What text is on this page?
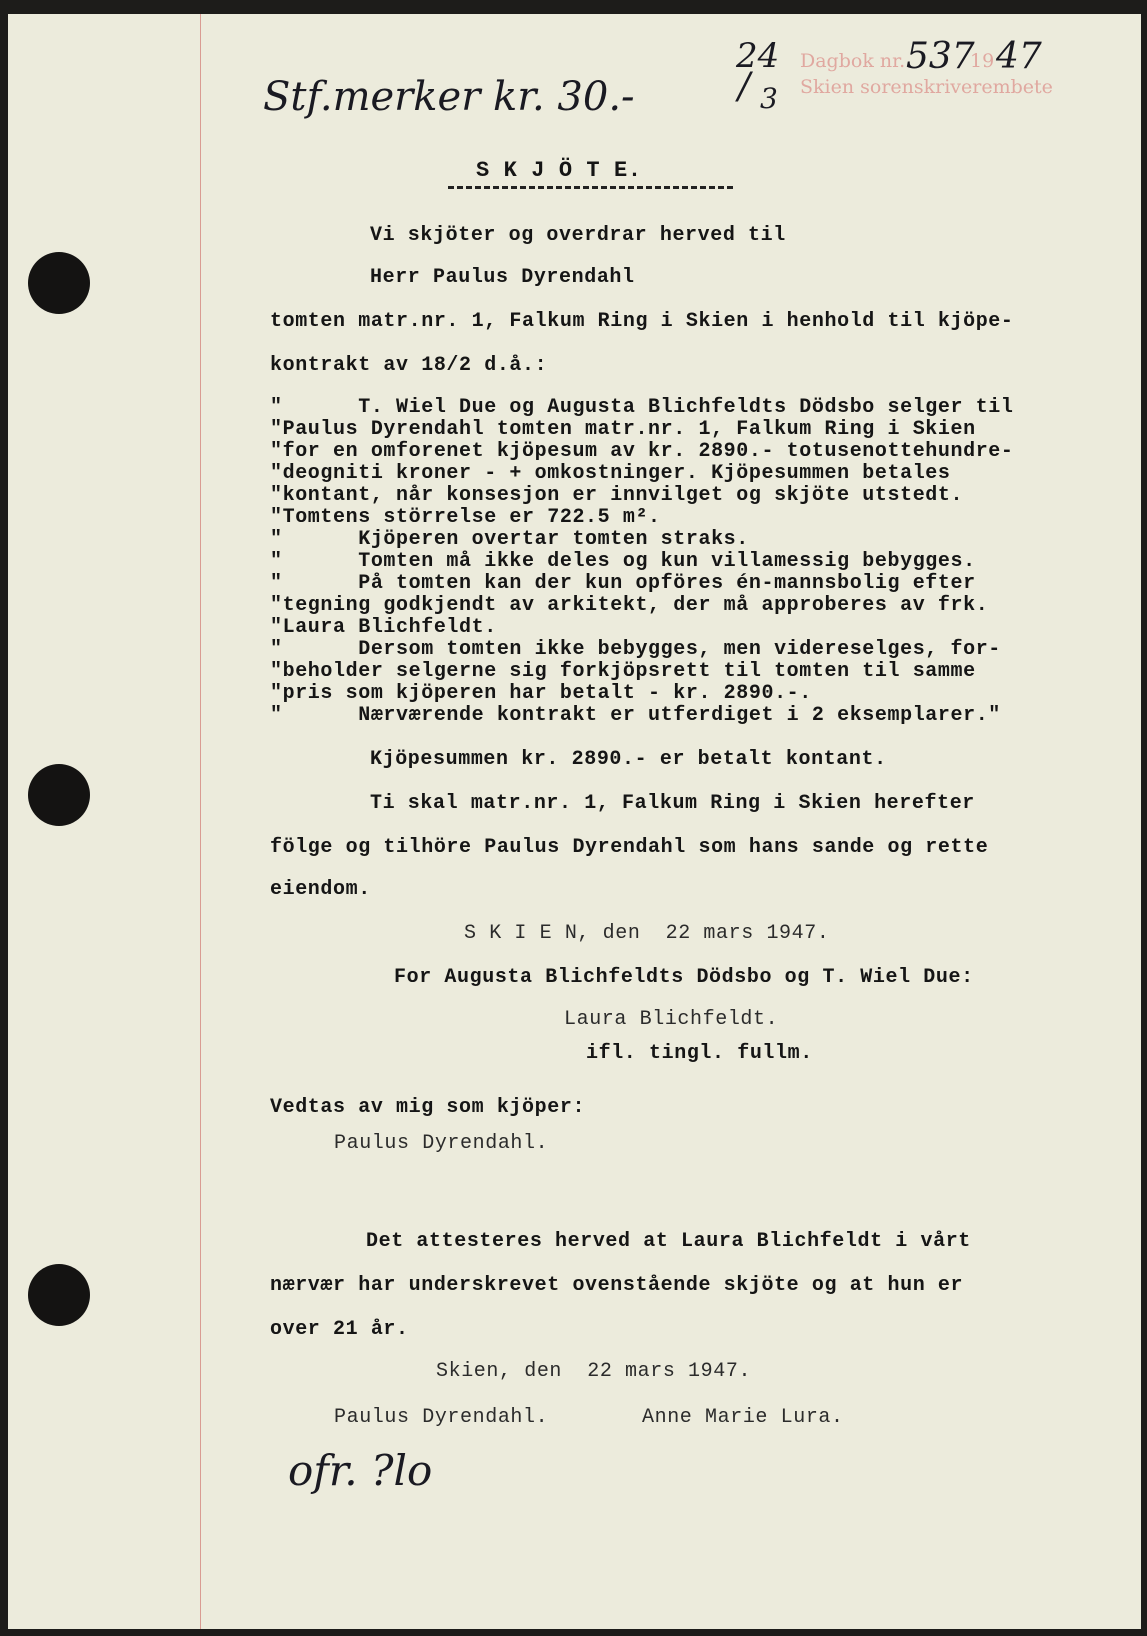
Stf.merker kr. 30.-
24
/ 3
Dagbok nr. 537
19 47
Skien sorenskriverembete
S K J Ö T E.
Vi skjöter og overdrar herved til
Herr Paulus Dyrendahl
tomten matr.nr. 1, Falkum Ring i Skien i henhold til kjöpe-
kontrakt av 18/2 d.å.:
"      T. Wiel Due og Augusta Blichfeldts Dödsbo selger til
"Paulus Dyrendahl tomten matr.nr. 1, Falkum Ring i Skien
"for en omforenet kjöpesum av kr. 2890.- totusenottehundre-
"deogniti kroner - + omkostninger. Kjöpesummen betales
"kontant, når konsesjon er innvilget og skjöte utstedt.
"Tomtens störrelse er 722.5 m².
"      Kjöperen overtar tomten straks.
"      Tomten må ikke deles og kun villamessig bebygges.
"      På tomten kan der kun opföres én-mannsbolig efter
"tegning godkjendt av arkitekt, der må approberes av frk.
"Laura Blichfeldt.
"      Dersom tomten ikke bebygges, men videreselges, for-
"beholder selgerne sig forkjöpsrett til tomten til samme
"pris som kjöperen har betalt - kr. 2890.-.
"      Nærværende kontrakt er utferdiget i 2 eksemplarer."
Kjöpesummen kr. 2890.- er betalt kontant.
Ti skal matr.nr. 1, Falkum Ring i Skien herefter
fölge og tilhöre Paulus Dyrendahl som hans sande og rette
eiendom.
S K I E N, den  22 mars 1947.
For Augusta Blichfeldts Dödsbo og T. Wiel Due:
Laura Blichfeldt.
ifl. tingl. fullm.
Vedtas av mig som kjöper:
Paulus Dyrendahl.
Det attesteres herved at Laura Blichfeldt i vårt
nærvær har underskrevet ovenstående skjöte og at hun er
over 21 år.
Skien, den  22 mars 1947.
Paulus Dyrendahl.	Anne Marie Lura.
ofr. ?lo
